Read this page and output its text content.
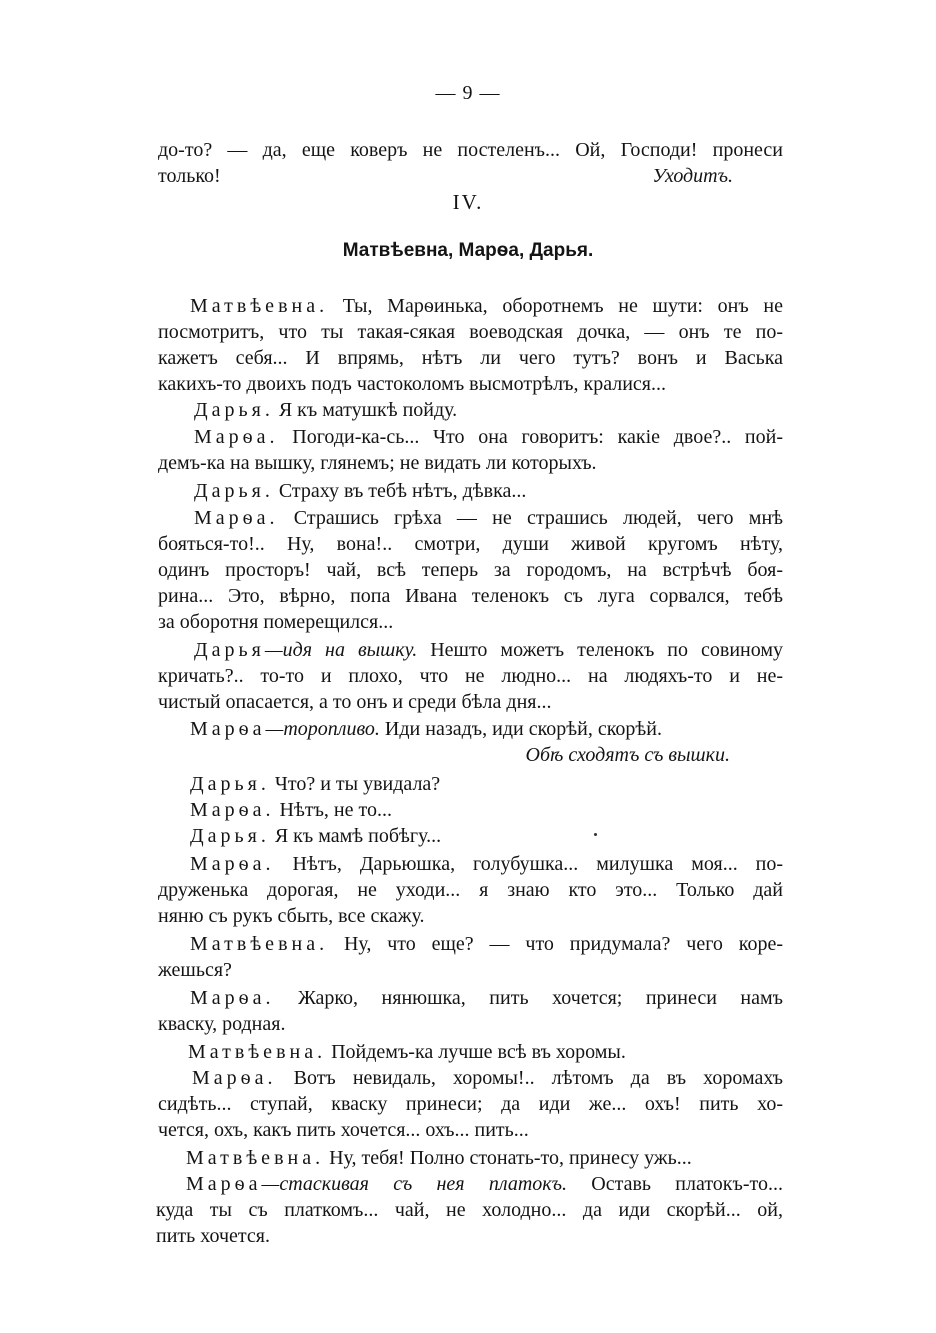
— 9 —
до-то? — да, еще коверъ не постеленъ... Ой, Господи! пронеси
только!	Уходитъ.
IV.
Матвѣевна, Марѳа, Дарья.
Матвѣевна. Ты, Марѳинька, оборотнемъ не шути: онъ не
посмотритъ, что ты такая-сякая воеводская дочка, — онъ те по-
кажетъ себя... И впрямь, нѣтъ ли чего тутъ? вонъ и Васька
какихъ-то двоихъ подъ частоколомъ высмотрѣлъ, кралися...
Дарья. Я къ матушкѣ пойду.
Марѳа. Погоди-ка-сь... Что она говоритъ: какіе двое?.. пой-
демъ-ка на вышку, глянемъ; не видать ли которыхъ.
Дарья. Страху въ тебѣ нѣтъ, дѣвка...
Марѳа. Страшись грѣха — не страшись людей, чего мнѣ
бояться-то!.. Ну, вона!.. смотри, души живой кругомъ нѣту,
одинъ просторъ! чай, всѣ теперь за городомъ, на встрѣчѣ боя-
рина... Это, вѣрно, попа Ивана теленокъ съ луга сорвался, тебѣ
за оборотня померещился...
Дарья—идя на вышку. Нешто можетъ теленокъ по совиному
кричать?.. то-то и плохо, что не людно... на людяхъ-то и не-
чистый опасается, а то онъ и среди бѣла дня...
Марѳа—торопливо. Иди назадъ, иди скорѣй, скорѣй.
Обѣ сходятъ съ вышки.
Дарья. Что? и ты увидала?
Марѳа. Нѣтъ, не то...
Дарья. Я къ мамѣ побѣгу...
Марѳа. Нѣтъ, Дарьюшка, голубушка... милушка моя... по-
друженька дорогая, не уходи... я знаю кто это... Только дай
няню съ рукъ сбыть, все скажу.
Матвѣевна. Ну, что еще? — что придумала? чего коре-
жешься?
Марѳа. Жарко, нянюшка, пить хочется; принеси намъ
кваску, родная.
Матвѣевна. Пойдемъ-ка лучше всѣ въ хоромы.
Марѳа. Вотъ невидаль, хоромы!.. лѣтомъ да въ хоромахъ
сидѣть... ступай, кваску принеси; да иди же... охъ! пить хо-
чется, охъ, какъ пить хочется... охъ... пить...
Матвѣевна. Ну, тебя! Полно стонать-то, принесу ужь...
Марѳа—стаскивая съ нея платокъ. Оставь платокъ-то...
куда ты съ платкомъ... чай, не холодно... да иди скорѣй... ой,
пить хочется.
